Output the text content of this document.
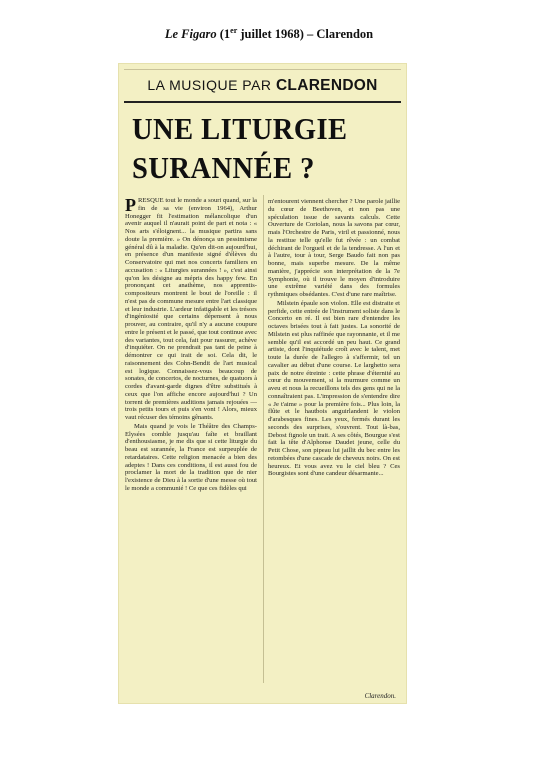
Le Figaro (1er juillet 1968) – Clarendon
LA MUSIQUE PAR CLARENDON
UNE LITURGIE
SURANNÉE ?

PRESQUE tout le monde a souri quand, sur la fin de sa vie (environ 1964), Arthur Honegger fit l'estimation mélancolique d'un avenir auquel il n'aurait point de part et nota : « Nos arts s'éloignent... la musique partira sans doute la première. » On dénonça un pessimisme général dû à la maladie. Qu'en dit-on aujourd'hui, en présence d'un manifeste signé d'élèves du Conservatoire qui met nos concerts familiers en accusation : « Liturgies surannées ! », c'est ainsi qu'on les désigne au mépris des happy few. En prononçant cet anathème, nos apprentis-compositeurs montrent le bout de l'oreille : il n'est pas de commune mesure entre l'art classique et leur industrie. L'ardeur infatigable et les trésors d'ingéniosité que certains dépensent à nous prouver, au contraire, qu'il n'y a aucune coupure entre le présent et le passé, que tout continue avec des variantes, tout cela, fait pour rassurer, achève d'inquiéter. On ne prendrait pas tant de peine à démontrer ce qui irait de soi. Cela dit, le raisonnement des Cohn-Bendit de l'art musical est logique. Connaissez-vous beaucoup de sonates, de concertos, de nocturnes, de quatuors à cordes d'avant-garde dignes d'être substitués à ceux que l'on affiche encore aujourd'hui ? Un torrent de premières auditions jamais rejouées — trois petits tours et puis s'en vont ! Alors, mieux vaut récuser des témoins gênants.

Mais quand je vois le Théâtre des Champs-Elysées comble jusqu'au faîte et braillant d'enthousiasme, je me dis que si cette liturgie du beau est surannée, la France est surpeuplée de retardataires. Cette religion menacée a bien des adeptes ! Dans ces conditions, il est aussi fou de proclamer la mort de la tradition que de nier l'existence de Dieu à la sortie d'une messe où tout le monde a communié ! Ce que ces fidèles qui

m'entourent viennent chercher ? Une parole jaillie du cœur de Beethoven, et non pas une spéculation issue de savants calculs. Cette Ouverture de Coriolan, nous la savons par cœur, mais l'Orchestre de Paris, viril et passionné, nous la restitue telle qu'elle fut rêvée : un combat déchirant de l'orgueil et de la tendresse. A l'un et à l'autre, tour à tour, Serge Baudo fait non pas bonne, mais superbe mesure. De la même manière, j'apprécie son interprétation de la 7e Symphonie, où il trouve le moyen d'introduire une extrême variété dans des formules rythmiques obsédantes. C'est d'une rare maîtrise.

Milstein épaule son violon. Elle est distraite et perfide, cette entrée de l'instrument soliste dans le Concerto en ré. Il est bien rare d'entendre les octaves brisées tout à fait justes. La sonorité de Milstein est plus raffinée que rayonnante, et il me semble qu'il est accordé un peu haut. Ce grand artiste, dont l'inquiétude croît avec le talent, met toute la durée de l'allegro à s'affermir, tel un cavalier au début d'une course. Le larghetto sera paix de notre étreinte : cette phrase d'éternité au cœur du mouvement, si la murmure comme un aveu et nous la recueillons tels des gens qui ne la connaîtraient pas. L'impression de s'entendre dire « Je t'aime » pour la première fois... Plus loin, la flûte et le hautbois anguirlandent le violon d'arabesques fines. Les yeux, fermés durant les seconds des surprises, s'ouvrent. Tout là-bas, Debost fignole un trait. A ses côtés, Bourgue s'est fait la tête d'Alphonse Daudet jeune, celle du Petit Chose, son pipeau lui jaillit du bec entre les retombées d'une cascade de cheveux noirs. On est heureux. Et vous avez vu le ciel bleu ? Ces Bourgistes sont d'une candeur désarmante...

Clarendon.
